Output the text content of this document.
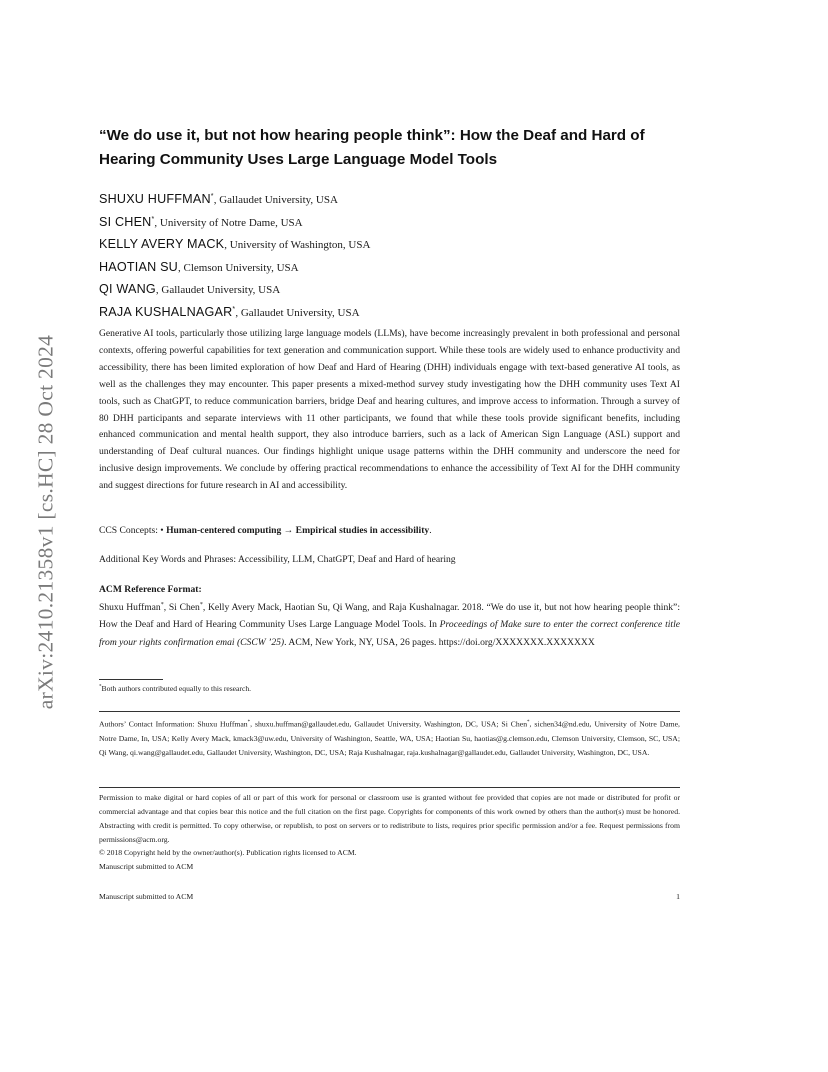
arXiv:2410.21358v1 [cs.HC] 28 Oct 2024
“We do use it, but not how hearing people think”: How the Deaf and Hard of Hearing Community Uses Large Language Model Tools
SHUXU HUFFMAN*, Gallaudet University, USA
SI CHEN*, University of Notre Dame, USA
KELLY AVERY MACK, University of Washington, USA
HAOTIAN SU, Clemson University, USA
QI WANG, Gallaudet University, USA
RAJA KUSHALNAGAR*, Gallaudet University, USA

Generative AI tools, particularly those utilizing large language models (LLMs), have become increasingly prevalent in both professional and personal contexts, offering powerful capabilities for text generation and communication support. While these tools are widely used to enhance productivity and accessibility, there has been limited exploration of how Deaf and Hard of Hearing (DHH) individuals engage with text-based generative AI tools, as well as the challenges they may encounter. This paper presents a mixed-method survey study investigating how the DHH community uses Text AI tools, such as ChatGPT, to reduce communication barriers, bridge Deaf and hearing cultures, and improve access to information. Through a survey of 80 DHH participants and separate interviews with 11 other participants, we found that while these tools provide significant benefits, including enhanced communication and mental health support, they also introduce barriers, such as a lack of American Sign Language (ASL) support and understanding of Deaf cultural nuances. Our findings highlight unique usage patterns within the DHH community and underscore the need for inclusive design improvements. We conclude by offering practical recommendations to enhance the accessibility of Text AI for the DHH community and suggest directions for future research in AI and accessibility.

CCS Concepts: • Human-centered computing → Empirical studies in accessibility.
Additional Key Words and Phrases: Accessibility, LLM, ChatGPT, Deaf and Hard of hearing
ACM Reference Format:

Shuxu Huffman*, Si Chen*, Kelly Avery Mack, Haotian Su, Qi Wang, and Raja Kushalnagar. 2018. “We do use it, but not how hearing people think”: How the Deaf and Hard of Hearing Community Uses Large Language Model Tools. In Proceedings of Make sure to enter the correct conference title from your rights confirmation emai (CSCW ’25). ACM, New York, NY, USA, 26 pages. https://doi.org/XXXXXXX.XXXXXXX

*Both authors contributed equally to this research.

Authors’ Contact Information: Shuxu Huffman*, shuxu.huffman@gallaudet.edu, Gallaudet University, Washington, DC, USA; Si Chen*, sichen34@nd.edu, University of Notre Dame, Notre Dame, In, USA; Kelly Avery Mack, kmack3@uw.edu, University of Washington, Seattle, WA, USA; Haotian Su, haotias@g.clemson.edu, Clemson University, Clemson, SC, USA; Qi Wang, qi.wang@gallaudet.edu, Gallaudet University, Washington, DC, USA; Raja Kushalnagar, raja.kushalnagar@gallaudet.edu, Gallaudet University, Washington, DC, USA.

Permission to make digital or hard copies of all or part of this work for personal or classroom use is granted without fee provided that copies are not made or distributed for profit or commercial advantage and that copies bear this notice and the full citation on the first page. Copyrights for components of this work owned by others than the author(s) must be honored. Abstracting with credit is permitted. To copy otherwise, or republish, to post on servers or to redistribute to lists, requires prior specific permission and/or a fee. Request permissions from permissions@acm.org.

© 2018 Copyright held by the owner/author(s). Publication rights licensed to ACM.
Manuscript submitted to ACM
Manuscript submitted to ACM	1
